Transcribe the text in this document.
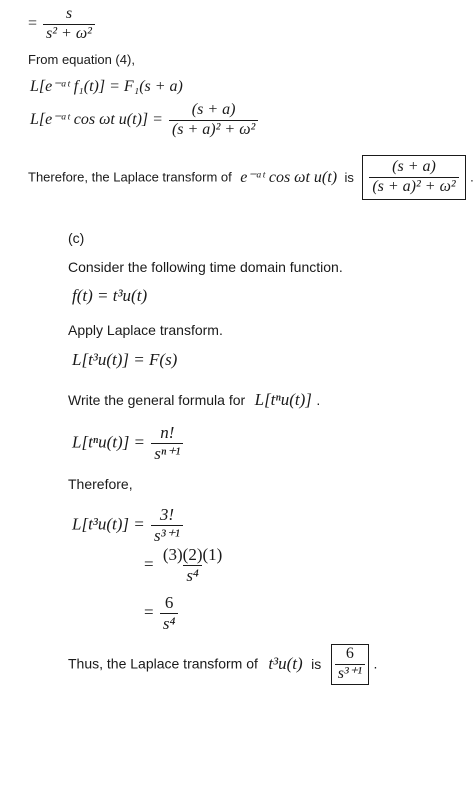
= $\frac{s}{\text{s² + ω²}}$
From equation (4),
L[e⁻ᵃᵗ f₁(t)] = F₁(s + a)
L[e⁻ᵃᵗ cos ωt $u(t)] = \frac{(s + a)}{\text{(s + a)² + ω²}}$
Therefore, the Laplace transform of e⁻ᵃᵗ cos ωt u(t) is $\frac{(s + a)}{\text{(s + a)² + ω²}}$ .
(c)
Consider the following time domain function.
f(t) = t³u(t)
Apply Laplace transform.
L[t³u(t)] = F(s)
Write the general formula for L[tⁿu(t)] .
$L[t^nu(t)] = \frac{n!}{\text{sⁿ⁺¹}}$
Therefore,
$L[t^3u(t)] = \frac{3!}{\text{s³⁺¹}}$
= $\frac{(3)(2)(1)}{\text{s⁴}}$
= $\frac{6}{\text{s⁴}}$
Thus, the Laplace transform of t³u(t) is $\frac{6}{\text{s³⁺¹}}$ .
